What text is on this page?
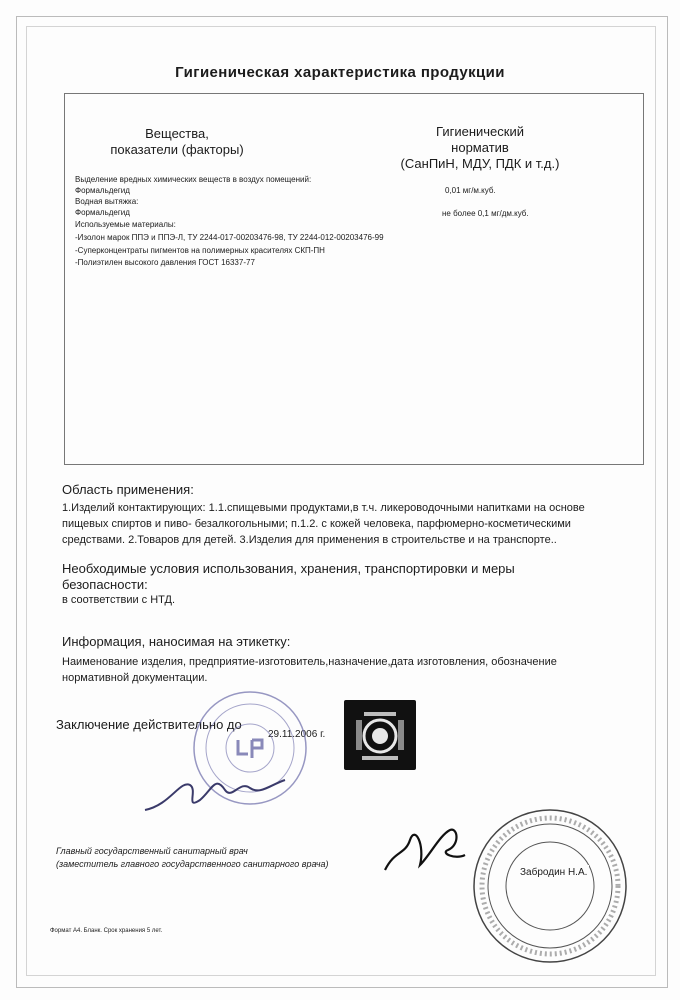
Гигиеническая характеристика продукции
Вещества,
показатели (факторы)
Гигиенический
норматив
(СанПиН, МДУ, ПДК и т.д.)
Выделение вредных химических веществ в воздух помещений:
Формальдегид
Водная вытяжка:
Формальдегид
Используемые материалы:
-Изолон марок ППЭ и ППЭ-Л, ТУ 2244-017-00203476-98, ТУ 2244-012-00203476-99
-Суперконцентраты пигментов на полимерных красителях СКП-ПН
-Полиэтилен высокого давления ГОСТ 16337-77
0,01 мг/м.куб.
не более 0,1 мг/дм.куб.
Область применения:
1.Изделий контактирующих: 1.1.спищевыми продуктами,в т.ч. ликероводочными напитками на основе
пищевых спиртов и пиво- безалкогольными; п.1.2. с кожей человека, парфюмерно-косметическими
средствами. 2.Товаров для детей. 3.Изделия для применения в строительстве и на транспорте..
Необходимые условия использования, хранения, транспортировки и меры
безопасности:
в соответствии с НТД.
Информация, наносимая на этикетку:
Наименование изделия, предприятие-изготовитель,назначение,дата изготовления, обозначение
нормативной документации.
Заключение действительно до
29.11.2006 г.
Главный государственный санитарный врач
(заместитель главного государственного санитарного врача)
Забродин Н.А.
Формат А4. Бланк. Срок хранения 5 лет.
